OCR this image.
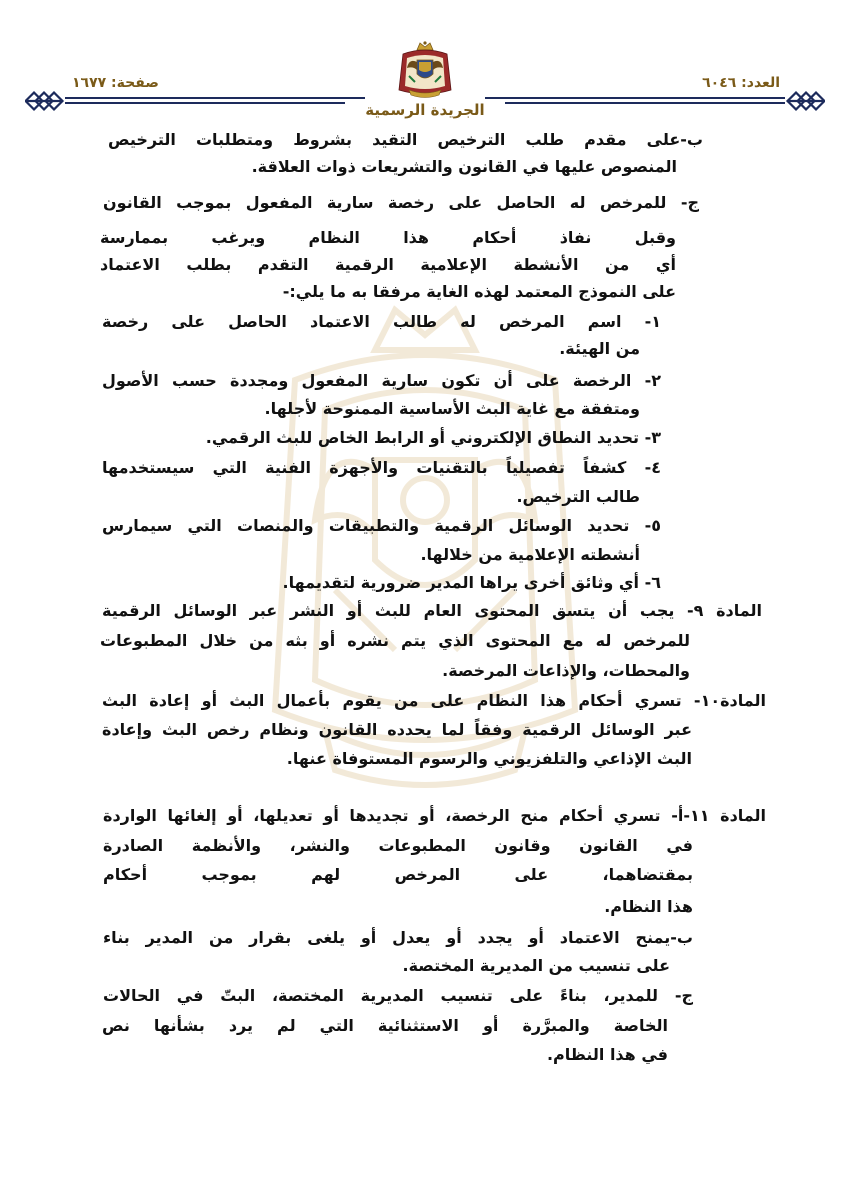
العدد: ٦٠٤٦
صفحة: ١٦٧٧
الجريدة الرسمية
ب-على مقدم طلب الترخيص التقيد بشروط ومتطلبات الترخيص
المنصوص عليها في القانون والتشريعات ذوات العلاقة.
ج- للمرخص له الحاصل على رخصة سارية المفعول بموجب القانون
وقبل نفاذ أحكام هذا النظام ويرغب بممارسة
أي من الأنشطة الإعلامية الرقمية التقدم بطلب الاعتماد
على النموذج المعتمد لهذه الغاية مرفقا به ما يلي:-
١- اسم المرخص له طالب الاعتماد الحاصل على رخصة
من الهيئة.
٢- الرخصة على أن تكون سارية المفعول ومجددة حسب الأصول
ومتفقة مع غاية البث الأساسية الممنوحة لأجلها.
٣- تحديد النطاق الإلكتروني أو الرابط الخاص للبث الرقمي.
٤- كشفاً تفصيلياً بالتقنيات والأجهزة الفنية التي سيستخدمها
طالب الترخيص.
٥- تحديد الوسائل الرقمية والتطبيقات والمنصات التي سيمارس
أنشطته الإعلامية من خلالها.
٦- أي وثائق أخرى يراها المدير ضرورية لتقديمها.
المادة ٩- يجب أن يتسق المحتوى العام للبث أو النشر عبر الوسائل الرقمية
للمرخص له مع المحتوى الذي يتم نشره أو بثه من خلال المطبوعات
والمحطات، والإذاعات المرخصة.
المادة١٠- تسري أحكام هذا النظام على من يقوم بأعمال البث أو إعادة البث
عبر الوسائل الرقمية وفقاً لما يحدده القانون ونظام رخص البث وإعادة
البث الإذاعي والتلفزيوني والرسوم المستوفاة عنها.
المادة ١١-أ- تسري أحكام منح الرخصة، أو تجديدها أو تعديلها، أو إلغائها الواردة
في القانون وقانون المطبوعات والنشر، والأنظمة الصادرة
بمقتضاهما، على المرخص لهم بموجب أحكام
هذا النظام.
ب-يمنح الاعتماد أو يجدد أو يعدل أو يلغى بقرار من المدير بناء
على تنسيب من المديرية المختصة.
ج- للمدير، بناءً على تنسيب المديرية المختصة، البتّ في الحالات
الخاصة والمبرَّرة أو الاستثنائية التي لم يرد بشأنها نص
في هذا النظام.
